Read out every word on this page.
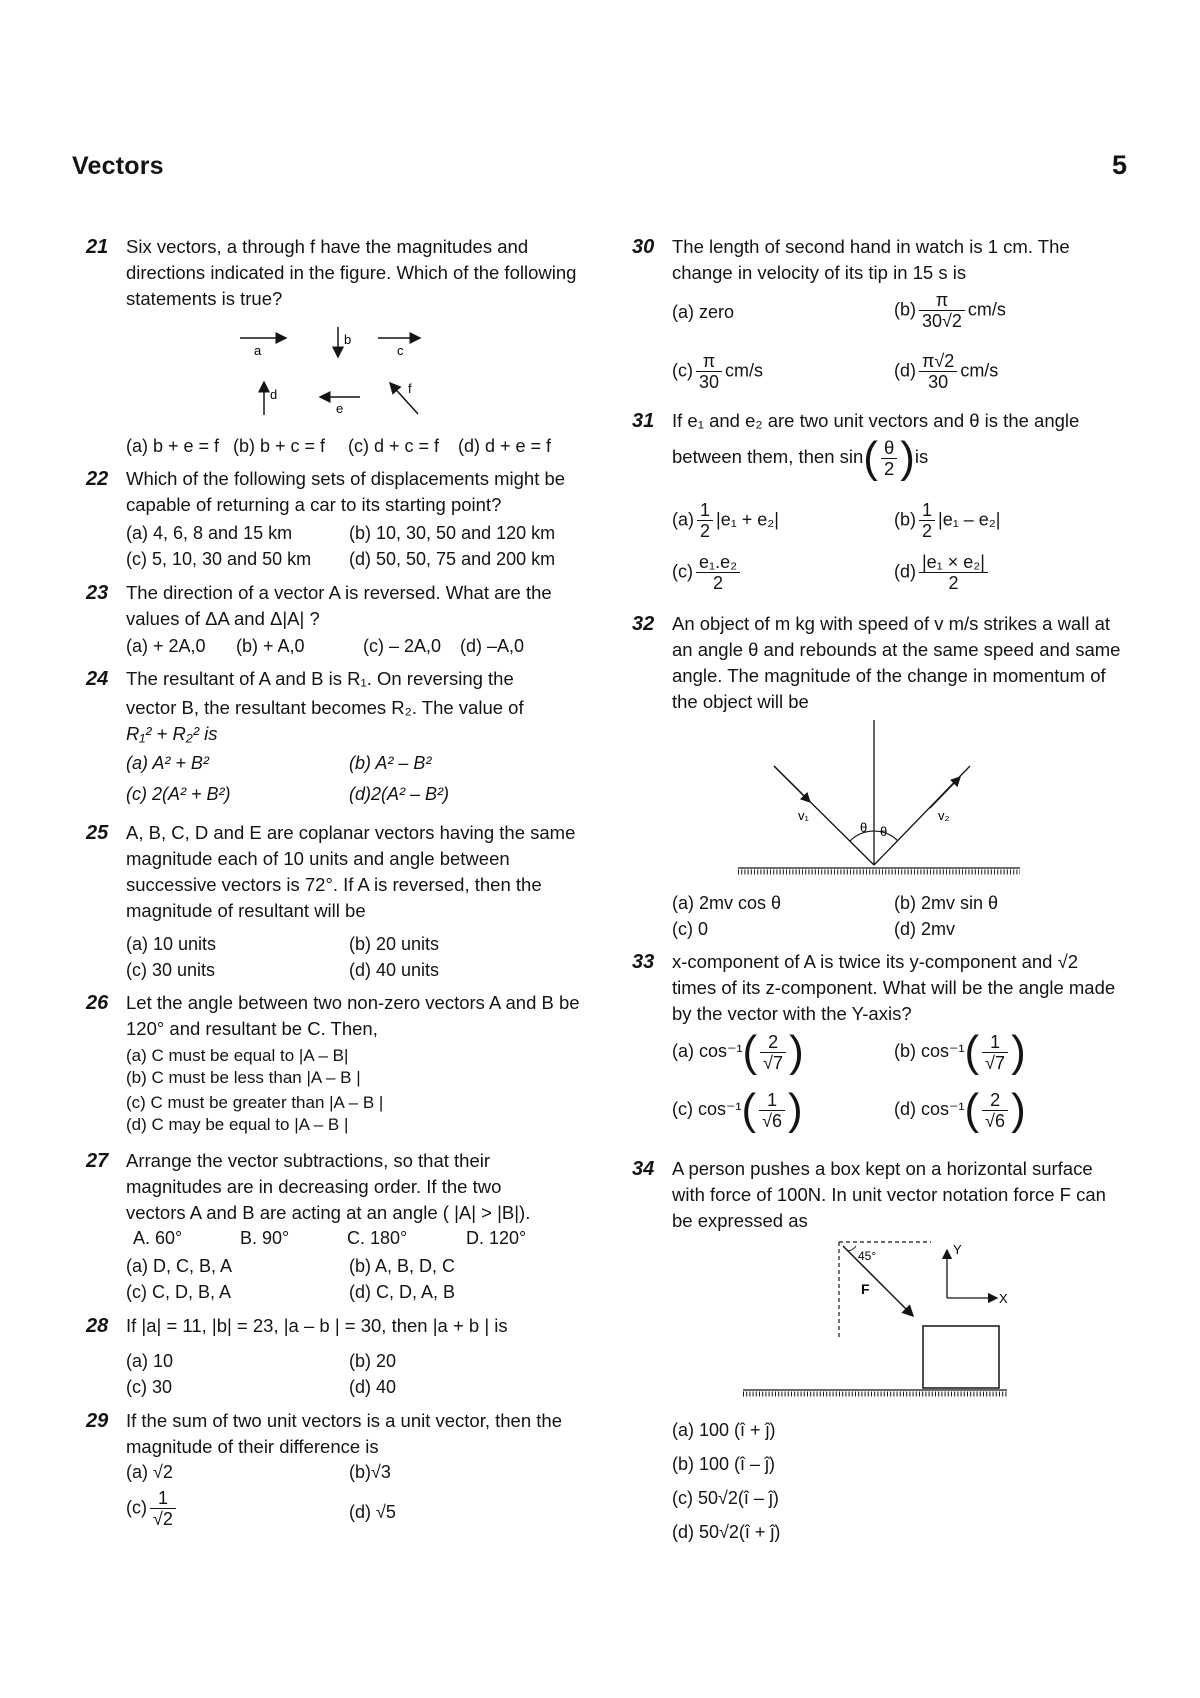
Vectors	5
21 Six vectors, a through f have the magnitudes and directions indicated in the figure. Which of the following statements is true?
a
b
c
d
e
f
(a) b + e = f (b) b + c = f (c) d + c = f (d) d + e = f
22 Which of the following sets of displacements might be capable of returning a car to its starting point?
(a) 4, 6, 8 and 15 km	(b) 10, 30, 50 and 120 km
(c) 5, 10, 30 and 50 km (d) 50, 50, 75 and 200 km
23 The direction of a vector A is reversed. What are the values of ΔA and Δ|A| ?
(a) + 2A,0 (b) + A,0	(c) – 2A,0 (d) –A,0
24 The resultant of A and B is R₁. On reversing the
vector B, the resultant becomes R₂. The value of
R₁² + R₂² is
(a) A² + B²	(b) A² – B²
(c) 2(A² + B²)	(d)2(A² – B²)
25 A, B, C, D and E are coplanar vectors having the same magnitude each of 10 units and angle between successive vectors is 72°. If A is reversed, then the magnitude of resultant will be
(a) 10 units	(b) 20 units
(c) 30 units	(d) 40 units
26 Let the angle between two non-zero vectors A and B be 120° and resultant be C. Then,
(a) C must be equal to |A – B|
(b) C must be less than |A – B |
(c) C must be greater than |A – B |
(d) C may be equal to |A – B |
27 Arrange the vector subtractions, so that their magnitudes are in decreasing order. If the two vectors A and B are acting at an angle ( |A| > |B|).
A. 60°	B. 90°	C. 180°	D. 120°
(a) D, C, B, A	(b) A, B, D, C
(c) C, D, B, A	(d) C, D, A, B
28 If |a| = 11, |b| = 23, |a – b | = 30, then |a + b | is
(a) 10	(b) 20
(c) 30	(d) 40
29 If the sum of two unit vectors is a unit vector, then the magnitude of their difference is
(a) √2	(b)√3
$(c) \frac{1}{√2}$	(d) √5
30 The length of second hand in watch is 1 cm. The change in velocity of its tip in 15 s is
(a) zero	$(b) \frac{\pi}{30√2} cm/s$
$(c) \frac{\pi}{30} cm/s$	$(d) \frac{\pi√2}{30} cm/s$
31 If e₁ and e₂ are two unit vectors and θ is the angle
between them, then $\sin( \frac{\theta}{2} )is$
$(a) \frac{1}{2} |e_1 + e_2|$	$(b) \frac{1}{2} |e_1 - e_2|$
$(c) \frac{\text{e₁.e₂}}{2}$	$(d) \frac{\text{|e₁ × e₂|}}{2}$
32 An object of m kg with speed of v m/s strikes a wall at an angle θ and rebounds at the same speed and same angle. The magnitude of the change in momentum of the object will be
v₁
θ θ
v₂
(a) 2mv cos θ	(b) 2mv sin θ
(c) 0	(d) 2mv
33 x-component of A is twice its y-component and √2 times of its z-component. What will be the angle made by the vector with the Y-axis?
(a) $\cos^{-1}( \frac{2}{√7}$ )	(b) $\cos^{-1}( \frac{1}{√7}$ )
(c) $\cos^{-1}( \frac{1}{√6}$ )	(d) $\cos^{-1}( \frac{2}{√6}$ )
34 A person pushes a box kept on a horizontal surface with force of 100N. In unit vector notation force F can be expressed as
45°
F
Y
X
(a) 100 (î + ĵ)
(b) 100 (î – ĵ)
(c) 50√2(î – ĵ)
(d) 50√2(î + ĵ)
